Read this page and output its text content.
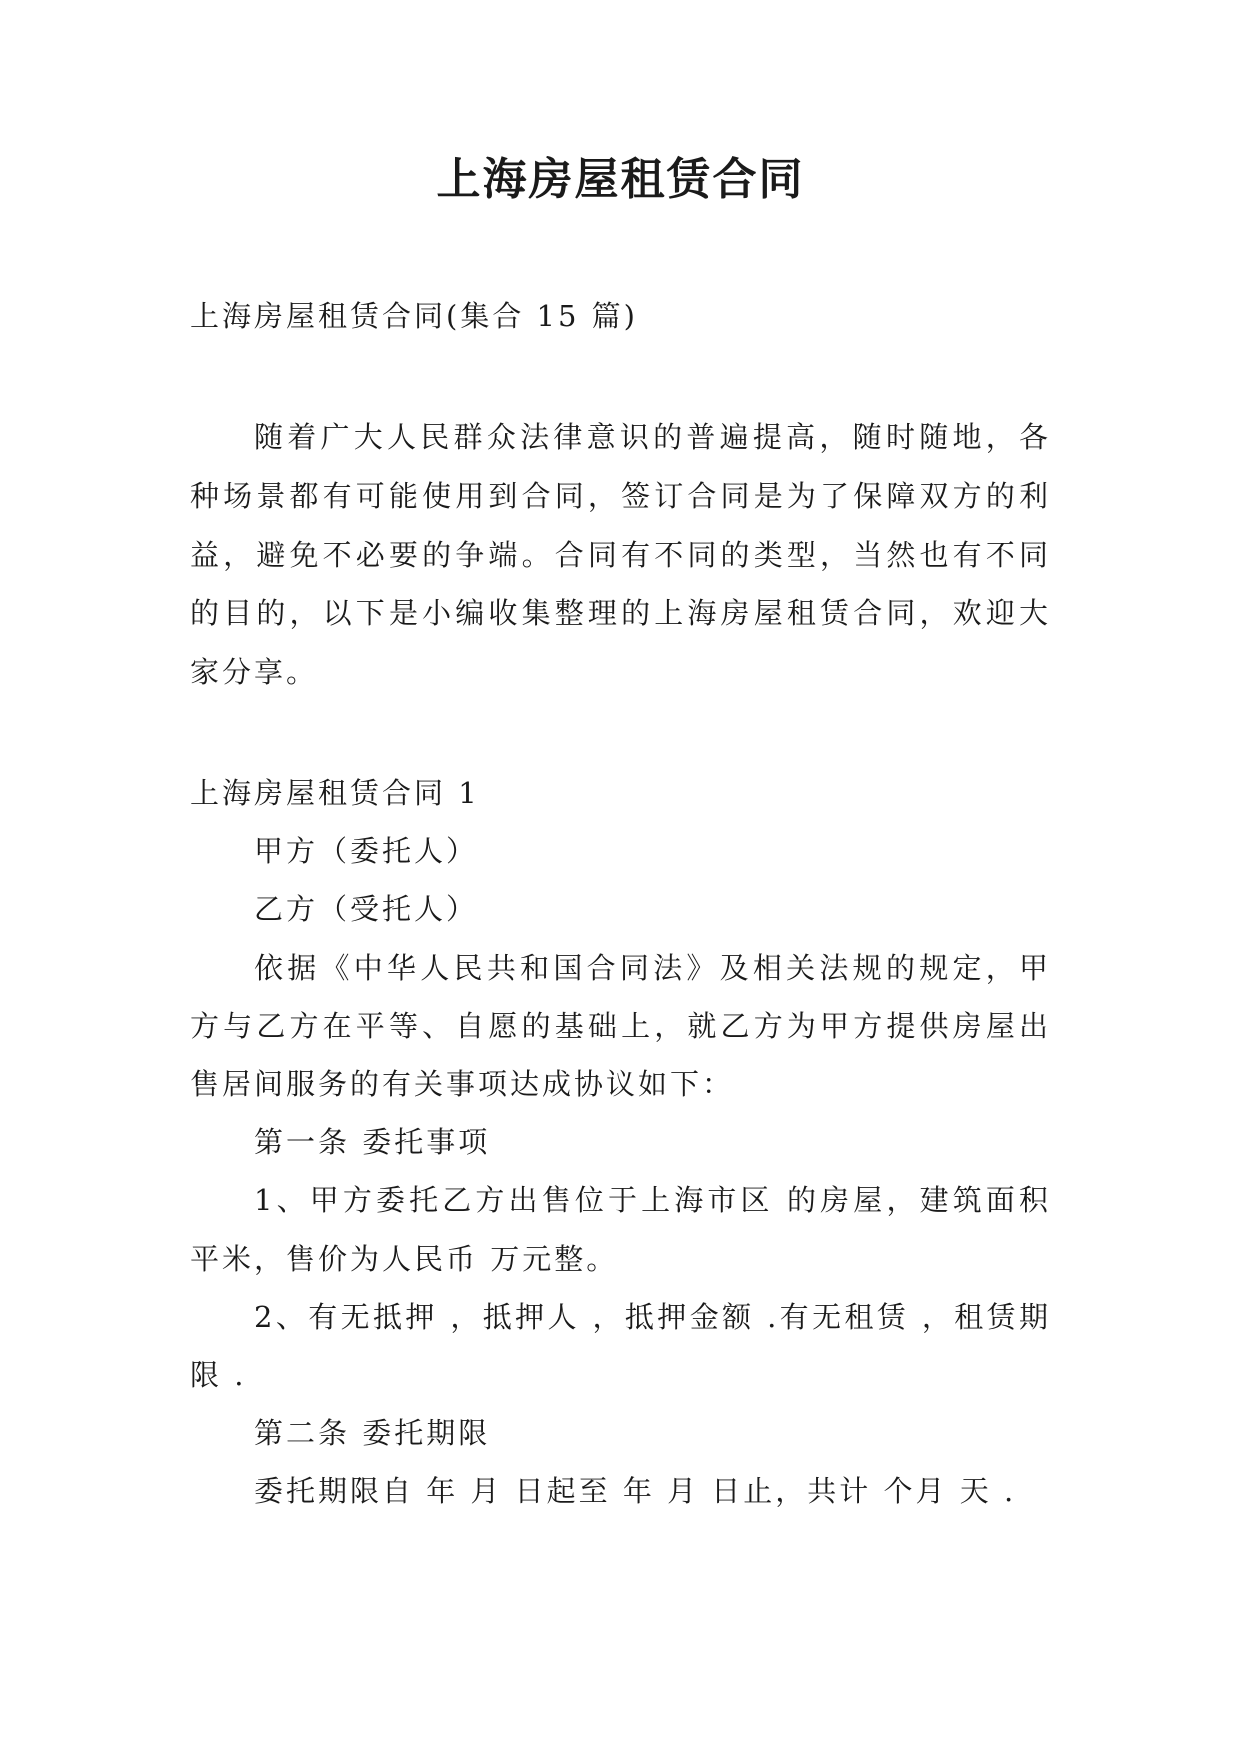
上海房屋租赁合同

上海房屋租赁合同(集合 15 篇)

随着广大人民群众法律意识的普遍提高，随时随地，各种场景都有可能使用到合同，签订合同是为了保障双方的利益，避免不必要的争端。合同有不同的类型，当然也有不同的目的，以下是小编收集整理的上海房屋租赁合同，欢迎大家分享。

上海房屋租赁合同 1

甲方（委托人）

乙方（受托人）

依据《中华人民共和国合同法》及相关法规的规定，甲方与乙方在平等、自愿的基础上，就乙方为甲方提供房屋出售居间服务的有关事项达成协议如下：

第一条 委托事项

1、甲方委托乙方出售位于上海市区 的房屋，建筑面积 平米，售价为人民币 万元整。

2、有无抵押 ，抵押人 ，抵押金额 .有无租赁 ，租赁期限 .

第二条 委托期限

委托期限自 年 月 日起至 年 月 日止，共计 个月 天 .
